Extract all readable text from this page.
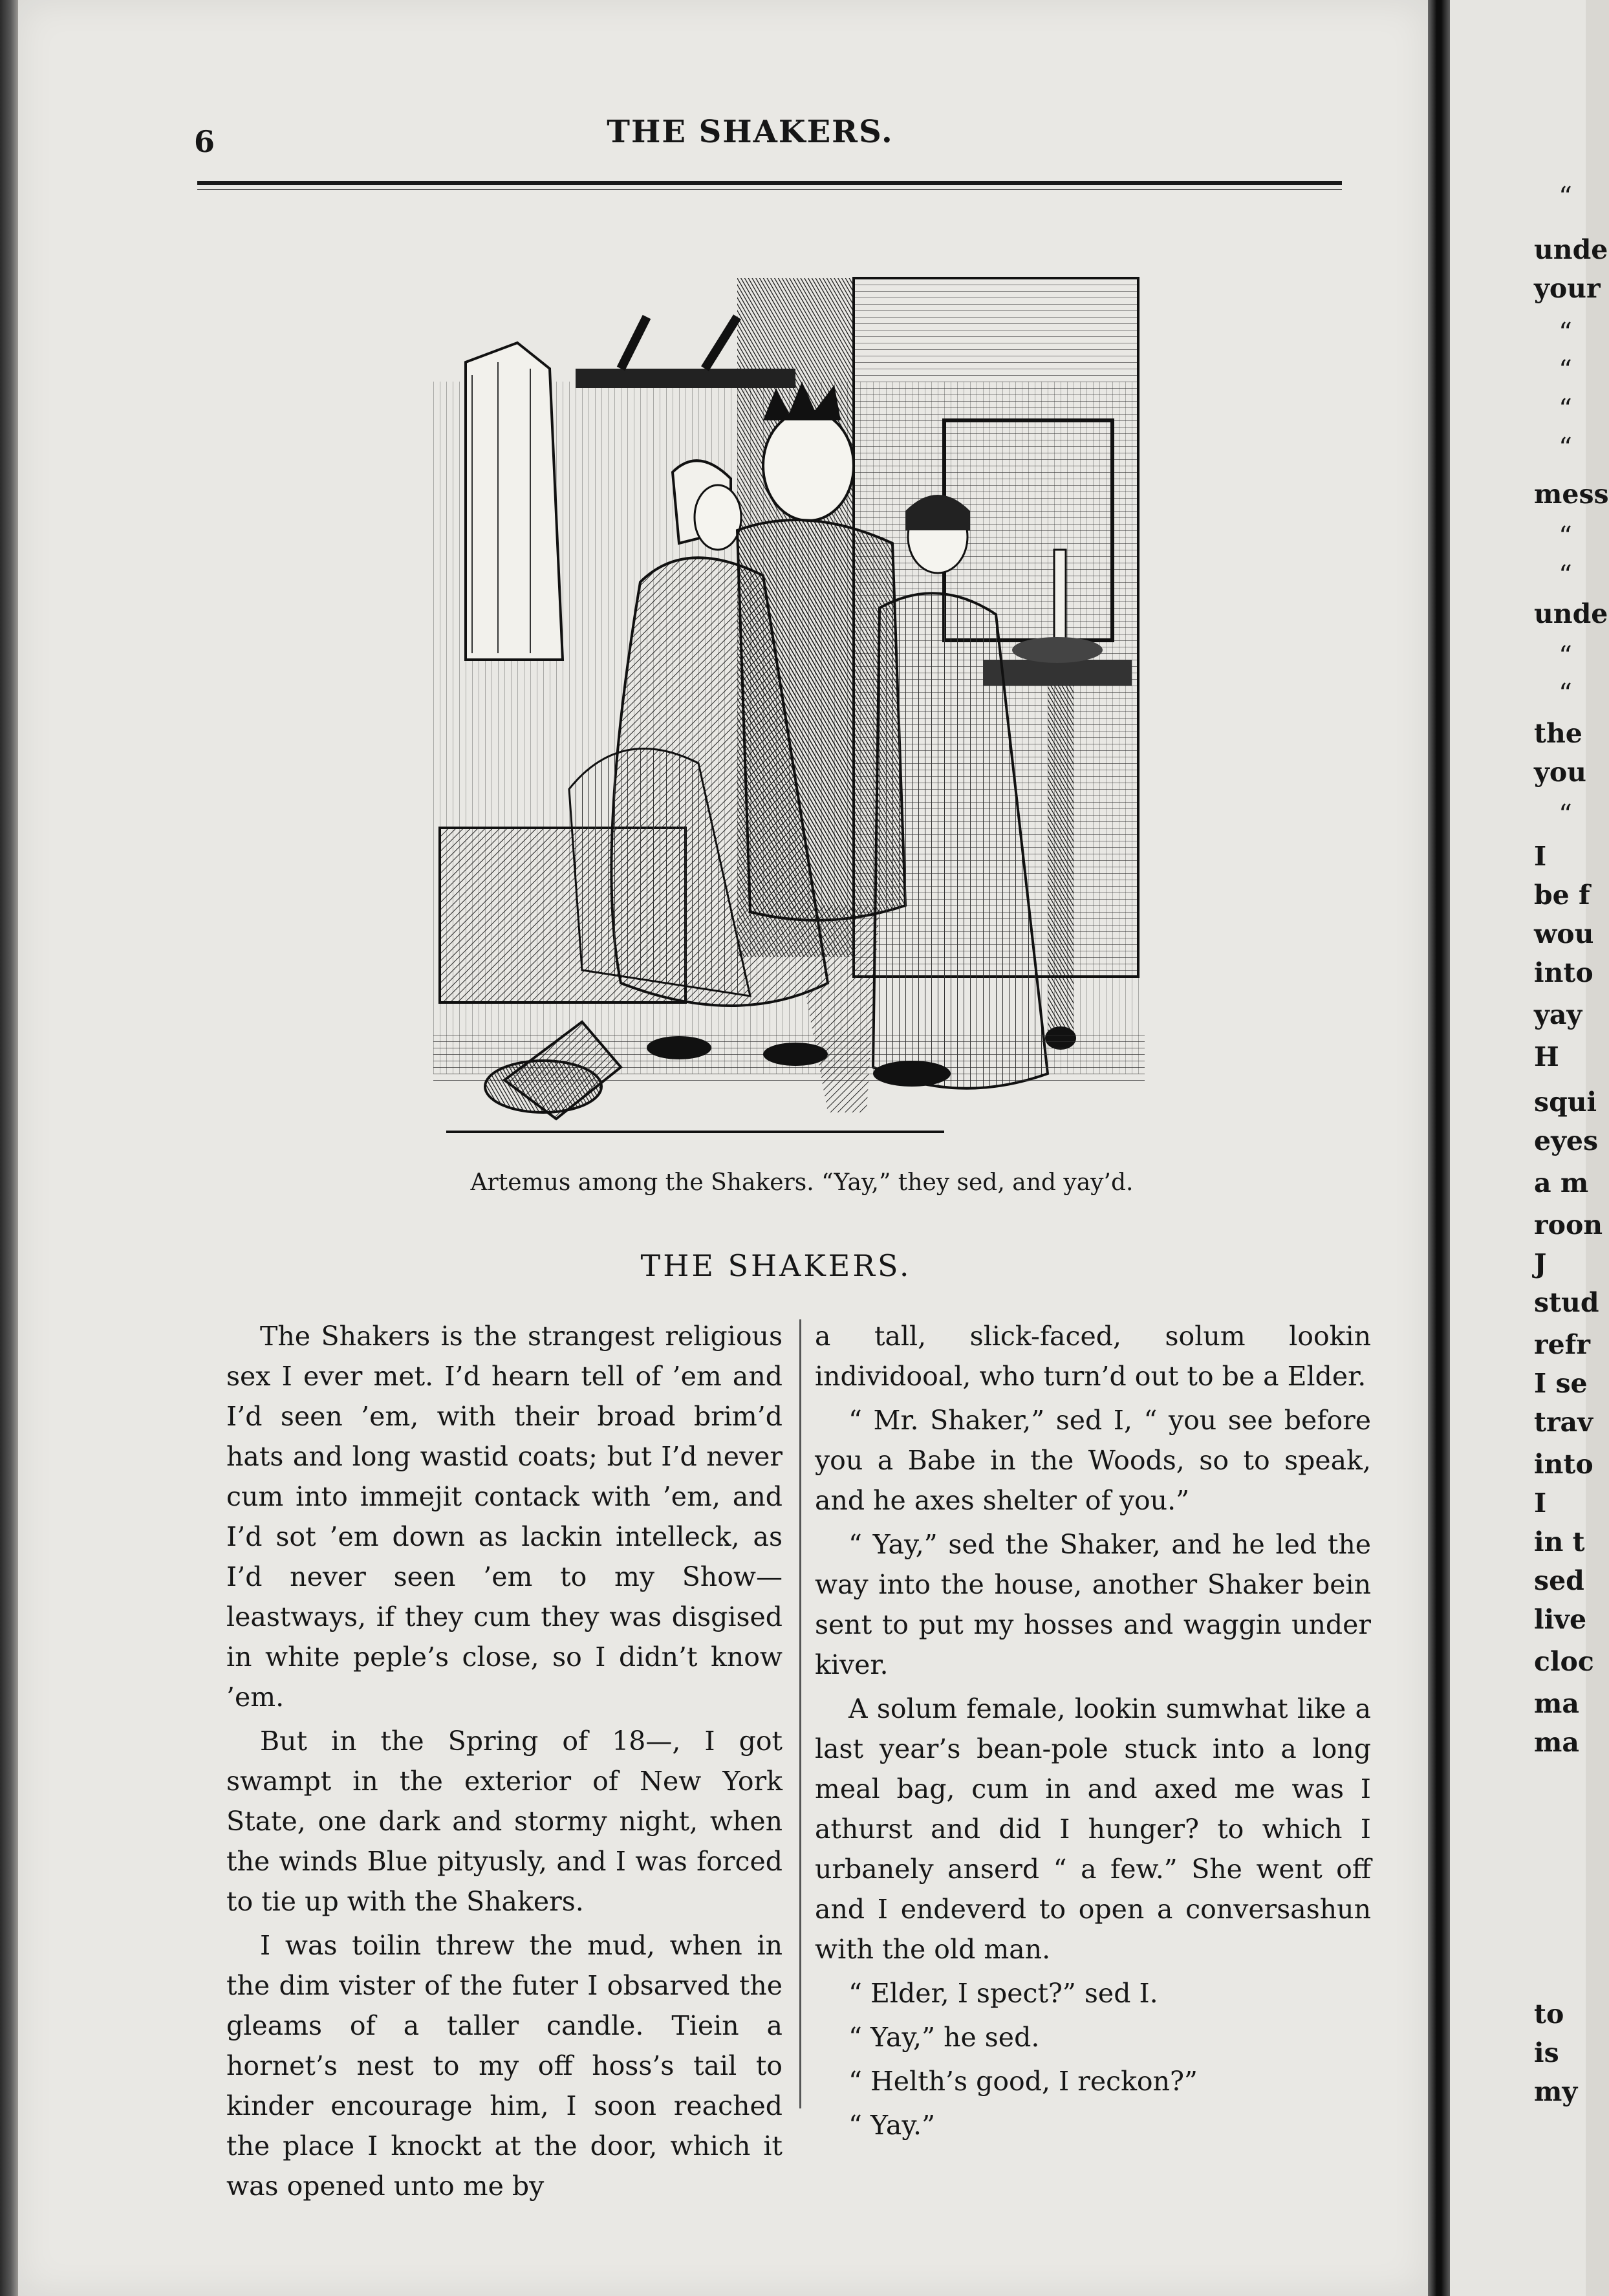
6	THE SHAKERS.
Artemus among the Shakers. “Yay,” they sed, and yay’d.
THE SHAKERS.

The Shakers is the strangest religious sex I ever met. I’d hearn tell of ’em and I’d seen ’em, with their broad brim’d hats and long wastid coats; but I’d never cum into immejit contack with ’em, and I’d sot ’em down as lackin intelleck, as I’d never seen ’em to my Show—leastways, if they cum they was disgised in white peple’s close, so I didn’t know ’em.

But in the Spring of 18—, I got swampt in the exterior of New York State, one dark and stormy night, when the winds Blue pityusly, and I was forced to tie up with the Shakers.

I was toilin threw the mud, when in the dim vister of the futer I obsarved the gleams of a taller candle. Tiein a hornet’s nest to my off hoss’s tail to kinder encourage him, I soon reached the place I knockt at the door, which it was opened unto me by

a tall, slick-faced, solum lookin individooal, who turn’d out to be a Elder.

“ Mr. Shaker,” sed I, “ you see before you a Babe in the Woods, so to speak, and he axes shelter of you.”

“ Yay,” sed the Shaker, and he led the way into the house, another Shaker bein sent to put my hosses and waggin under kiver.

A solum female, lookin sumwhat like a last year’s bean-pole stuck into a long meal bag, cum in and axed me was I athurst and did I hunger? to which I urbanely anserd “ a few.” She went off and I endeverd to open a conversashun with the old man.

“ Elder, I spect?” sed I.

“ Yay,” he sed.

“ Helth’s good, I reckon?”

“ Yay.”

“
unde
your
“
“
“
“
mess
“
“
unde
“
“
the
you
“
I
be f
wou
into
yay
H
squi
eyes
a m
roon
J
stud
refr
I se
trav
into
I
in t
sed
live
cloc
ma
ma
to
is
my
